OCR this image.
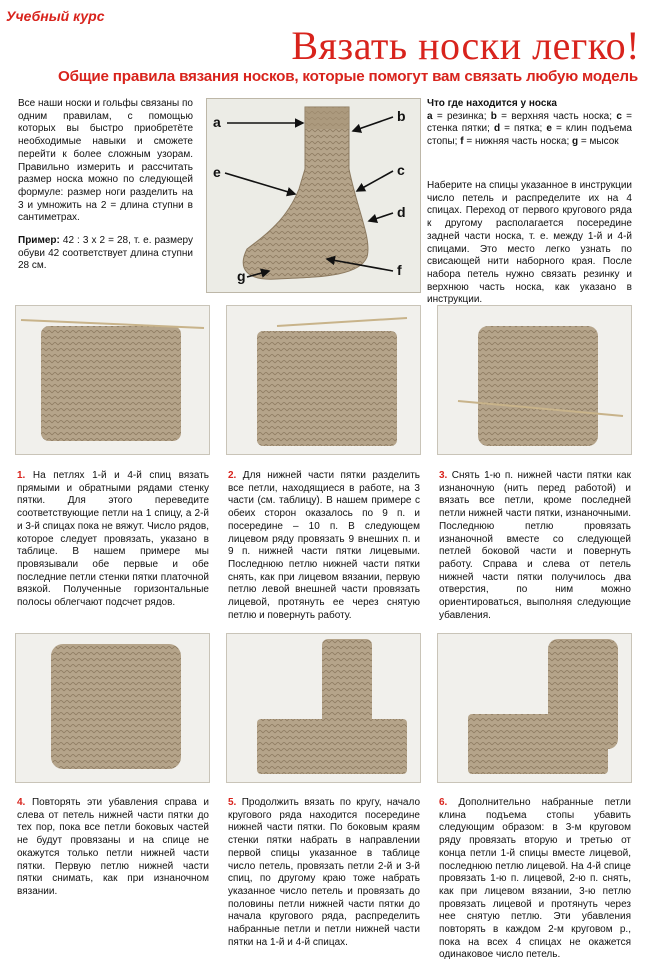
Учебный курс
Вязать носки легко!
Общие правила вязания носков, которые помогут вам связать любую модель

Все наши носки и гольфы связаны по одним правилам, с помощью которых вы быстро приобретёте необходимые навыки и сможете перейти к более сложным узорам. Правильно измерить и рассчитать размер носка можно по следующей формуле: размер ноги разделить на 3 и умножить на 2 = длина ступни в сантиметрах.

Пример: 42 : 3 х 2 = 28, т. е. размеру обуви 42 соответствует длина ступни 28 см.

a	b
c
d
e
f
g
Что где находится у носка
a = резинка; b = верхняя часть носка; c = стенка пятки; d = пятка; e = клин подъема стопы; f = нижняя часть носка; g = мысок
Наберите на спицы указанное в инструкции число петель и распределите их на 4 спицах. Переход от первого кругового ряда к другому располагается посередине задней части носка, т. е. между 1-й и 4-й спицами. Это место легко узнать по свисающей нити наборного края. После набора петель нужно связать резинку и верхнюю часть носка, как указано в инструкции.
1. На петлях 1-й и 4-й спиц вязать прямыми и обратными рядами стенку пятки. Для этого переведите соответствующие петли на 1 спицу, а 2-й и 3-й спицах пока не вяжут. Число рядов, которое следует провязать, указано в таблице. В нашем примере мы провязывали обе первые и обе последние петли стенки пятки платочной вязкой. Полученные горизонтальные полосы облегчают подсчет рядов.
2. Для нижней части пятки разделить все петли, находящиеся в работе, на 3 части (см. таблицу). В нашем примере с обеих сторон оказалось по 9 п. и посередине – 10 п. В следующем лицевом ряду провязать 9 внешних п. и 9 п. нижней части пятки лицевыми. Последнюю петлю нижней части пятки снять, как при лицевом вязании, первую петлю левой внешней части провязать лицевой, протянуть ее через снятую петлю и повернуть работу.
3. Снять 1-ю п. нижней части пятки как изнаночную (нить перед работой) и вязать все петли, кроме последней петли нижней части пятки, изнаночными. Последнюю петлю провязать изнаночной вместе со следующей петлей боковой части и повернуть работу. Справа и слева от петель нижней части пятки получилось два отверстия, по ним можно ориентироваться, выполняя следующие убавления.
4. Повторять эти убавления справа и слева от петель нижней части пятки до тех пор, пока все петли боковых частей не будут провязаны и на спице не окажутся только петли нижней части пятки. Первую петлю нижней части пятки снимать, как при изнаночном вязании.
5. Продолжить вязать по кругу, начало кругового ряда находится посередине нижней части пятки. По боковым краям стенки пятки набрать в направлении первой спицы указанное в таблице число петель, провязать петли 2-й и 3-й спиц, по другому краю тоже набрать указанное число петель и провязать до половины петли нижней части пятки до начала кругового ряда, распределить набранные петли и петли нижней части пятки на 1-й и 4-й спицах.
6. Дополнительно набранные петли клина подъема стопы убавить следующим образом: в 3-м круговом ряду провязать вторую и третью от конца петли 1-й спицы вместе лицевой, последнюю петлю лицевой. На 4-й спице провязать 1-ю п. лицевой, 2-ю п. снять, как при лицевом вязании, 3-ю петлю провязать лицевой и протянуть через нее снятую петлю. Эти убавления повторять в каждом 2-м круговом р., пока на всех 4 спицах не окажется одинаковое число петель.
